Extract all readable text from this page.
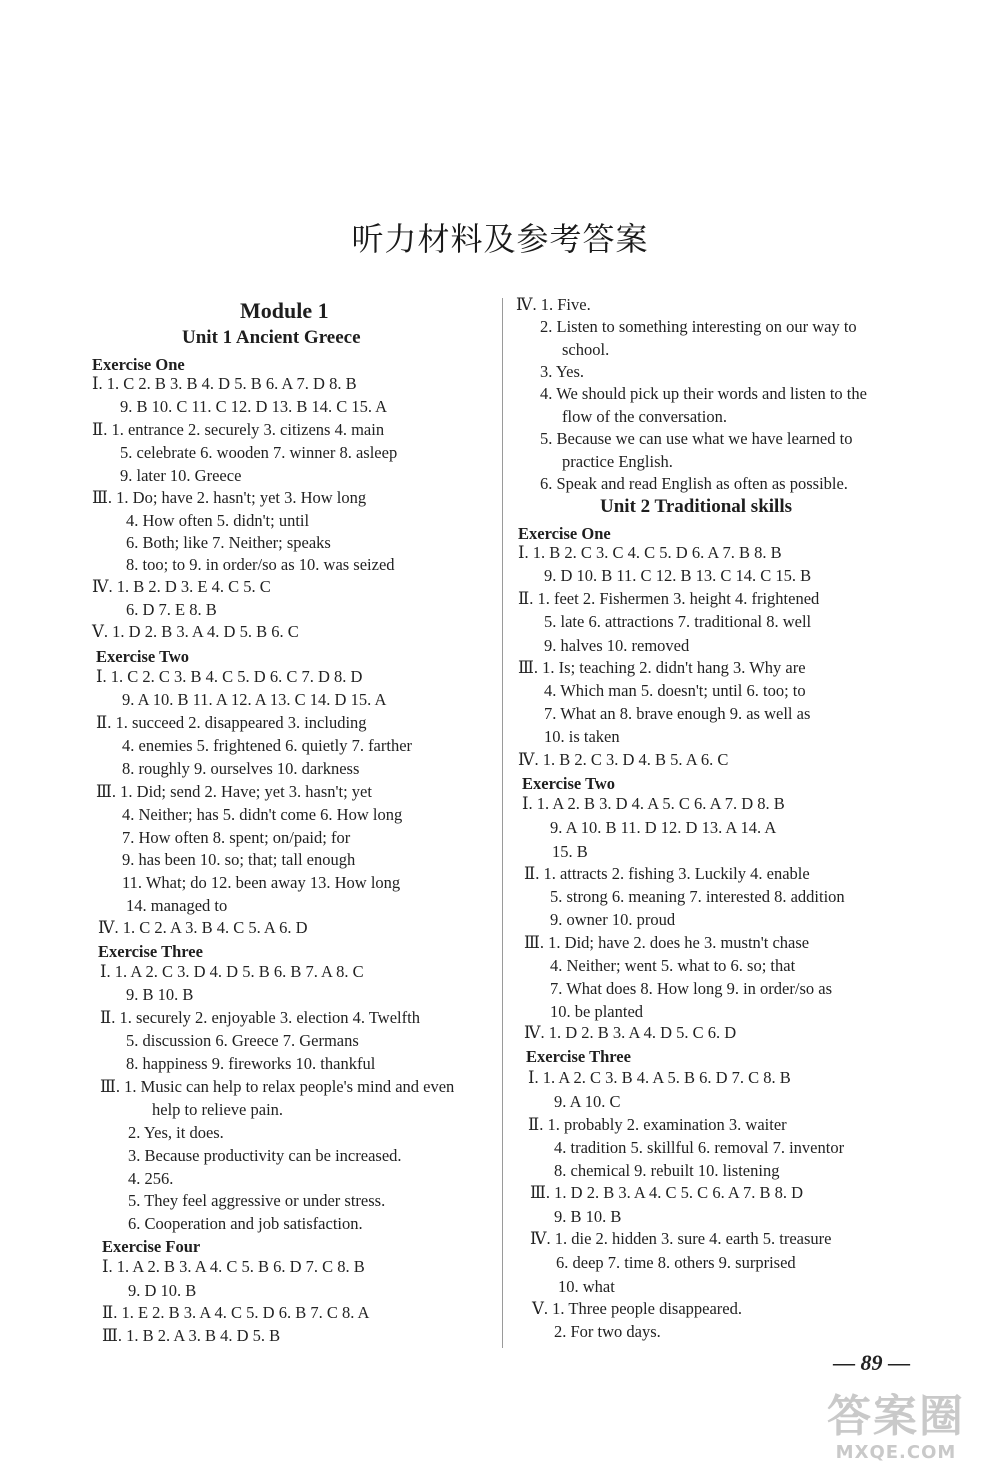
听力材料及参考答案
Module 1
Unit 1 Ancient Greece
Exercise One
Ⅰ. 1. C 2. B 3. B 4. D 5. B 6. A 7. D 8. B
9. B 10. C 11. C 12. D 13. B 14. C 15. A
Ⅱ. 1. entrance 2. securely 3. citizens 4. main
5. celebrate 6. wooden 7. winner 8. asleep
9. later 10. Greece
Ⅲ. 1. Do; have 2. hasn't; yet 3. How long
4. How often 5. didn't; until
6. Both; like 7. Neither; speaks
8. too; to 9. in order/so as 10. was seized
Ⅳ. 1. B 2. D 3. E 4. C 5. C
6. D 7. E 8. B
Ⅴ. 1. D 2. B 3. A 4. D 5. B 6. C
Exercise Two
Ⅰ. 1. C 2. C 3. B 4. C 5. D 6. C 7. D 8. D
9. A 10. B 11. A 12. A 13. C 14. D 15. A
Ⅱ. 1. succeed 2. disappeared 3. including
4. enemies 5. frightened 6. quietly 7. farther
8. roughly 9. ourselves 10. darkness
Ⅲ. 1. Did; send 2. Have; yet 3. hasn't; yet
4. Neither; has 5. didn't come 6. How long
7. How often 8. spent; on/paid; for
9. has been 10. so; that; tall enough
11. What; do 12. been away 13. How long
14. managed to
Ⅳ. 1. C 2. A 3. B 4. C 5. A 6. D
Exercise Three
Ⅰ. 1. A 2. C 3. D 4. D 5. B 6. B 7. A 8. C
9. B 10. B
Ⅱ. 1. securely 2. enjoyable 3. election 4. Twelfth
5. discussion 6. Greece 7. Germans
8. happiness 9. fireworks 10. thankful
Ⅲ. 1. Music can help to relax people's mind and even
help to relieve pain.
2. Yes, it does.
3. Because productivity can be increased.
4. 256.
5. They feel aggressive or under stress.
6. Cooperation and job satisfaction.
Exercise Four
Ⅰ. 1. A 2. B 3. A 4. C 5. B 6. D 7. C 8. B
9. D 10. B
Ⅱ. 1. E 2. B 3. A 4. C 5. D 6. B 7. C 8. A
Ⅲ. 1. B 2. A 3. B 4. D 5. B
Ⅳ. 1. Five.
2. Listen to something interesting on our way to
school.
3. Yes.
4. We should pick up their words and listen to the
flow of the conversation.
5. Because we can use what we have learned to
practice English.
6. Speak and read English as often as possible.
Unit 2 Traditional skills
Exercise One
Ⅰ. 1. B 2. C 3. C 4. C 5. D 6. A 7. B 8. B
9. D 10. B 11. C 12. B 13. C 14. C 15. B
Ⅱ. 1. feet 2. Fishermen 3. height 4. frightened
5. late 6. attractions 7. traditional 8. well
9. halves 10. removed
Ⅲ. 1. Is; teaching 2. didn't hang 3. Why are
4. Which man 5. doesn't; until 6. too; to
7. What an 8. brave enough 9. as well as
10. is taken
Ⅳ. 1. B 2. C 3. D 4. B 5. A 6. C
Exercise Two
Ⅰ. 1. A 2. B 3. D 4. A 5. C 6. A 7. D 8. B
9. A 10. B 11. D 12. D 13. A 14. A
15. B
Ⅱ. 1. attracts 2. fishing 3. Luckily 4. enable
5. strong 6. meaning 7. interested 8. addition
9. owner 10. proud
Ⅲ. 1. Did; have 2. does he 3. mustn't chase
4. Neither; went 5. what to 6. so; that
7. What does 8. How long 9. in order/so as
10. be planted
Ⅳ. 1. D 2. B 3. A 4. D 5. C 6. D
Exercise Three
Ⅰ. 1. A 2. C 3. B 4. A 5. B 6. D 7. C 8. B
9. A 10. C
Ⅱ. 1. probably 2. examination 3. waiter
4. tradition 5. skillful 6. removal 7. inventor
8. chemical 9. rebuilt 10. listening
Ⅲ. 1. D 2. B 3. A 4. C 5. C 6. A 7. B 8. D
9. B 10. B
Ⅳ. 1. die 2. hidden 3. sure 4. earth 5. treasure
6. deep 7. time 8. others 9. surprised
10. what
Ⅴ. 1. Three people disappeared.
2. For two days.
— 89 —
答案圈
MXQE.COM
